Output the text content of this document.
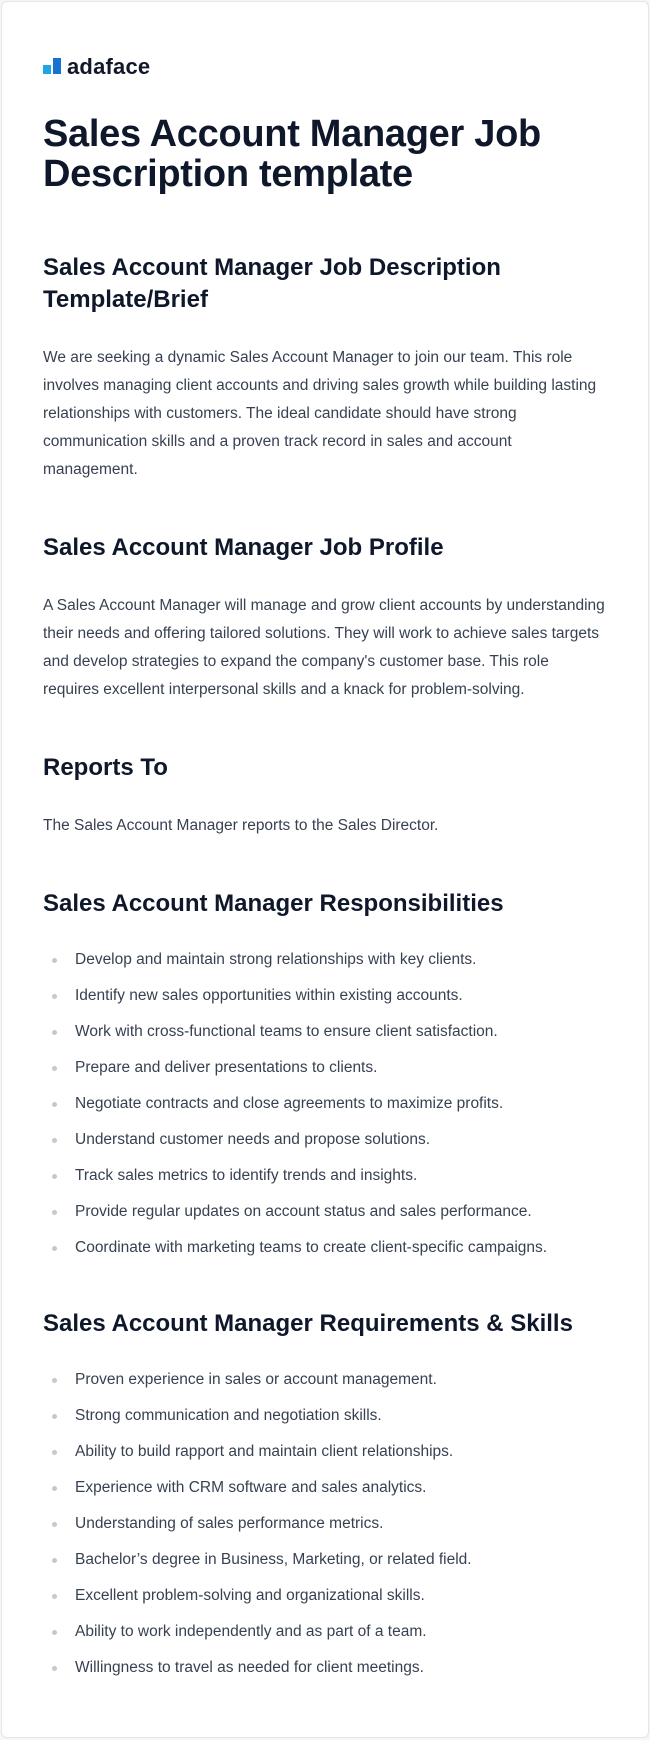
adaface
Sales Account Manager Job Description template
Sales Account Manager Job Description Template/Brief

We are seeking a dynamic Sales Account Manager to join our team. This role involves managing client accounts and driving sales growth while building lasting relationships with customers. The ideal candidate should have strong communication skills and a proven track record in sales and account management.

Sales Account Manager Job Profile

A Sales Account Manager will manage and grow client accounts by understanding their needs and offering tailored solutions. They will work to achieve sales targets and develop strategies to expand the company's customer base. This role requires excellent interpersonal skills and a knack for problem-solving.

Reports To

The Sales Account Manager reports to the Sales Director.

Sales Account Manager Responsibilities
Develop and maintain strong relationships with key clients.
Identify new sales opportunities within existing accounts.
Work with cross-functional teams to ensure client satisfaction.
Prepare and deliver presentations to clients.
Negotiate contracts and close agreements to maximize profits.
Understand customer needs and propose solutions.
Track sales metrics to identify trends and insights.
Provide regular updates on account status and sales performance.
Coordinate with marketing teams to create client-specific campaigns.
Sales Account Manager Requirements & Skills
Proven experience in sales or account management.
Strong communication and negotiation skills.
Ability to build rapport and maintain client relationships.
Experience with CRM software and sales analytics.
Understanding of sales performance metrics.
Bachelor’s degree in Business, Marketing, or related field.
Excellent problem-solving and organizational skills.
Ability to work independently and as part of a team.
Willingness to travel as needed for client meetings.
